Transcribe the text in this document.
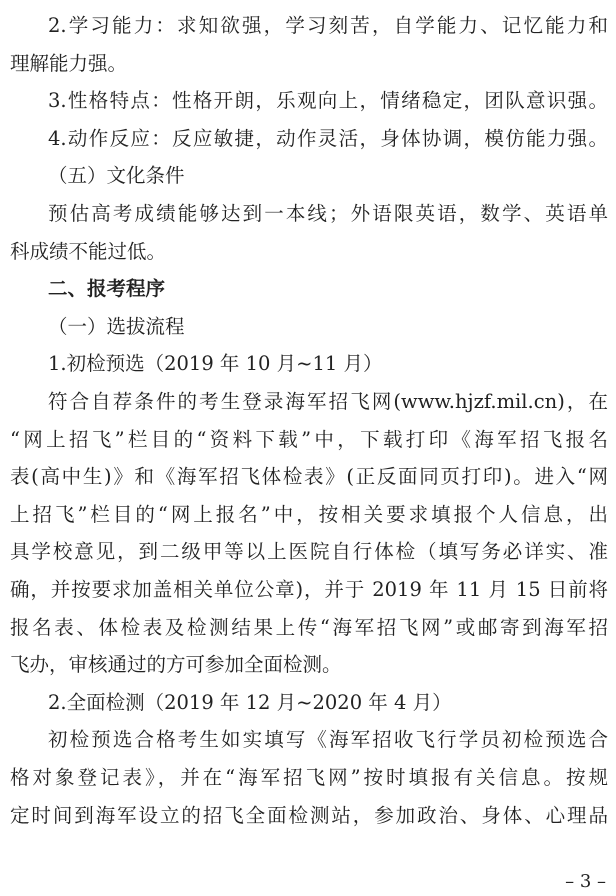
2.学习能力：求知欲强，学习刻苦，自学能力、记忆能力和
理解能力强。
3.性格特点：性格开朗，乐观向上，情绪稳定，团队意识强。
4.动作反应：反应敏捷，动作灵活，身体协调，模仿能力强。
（五）文化条件
预估高考成绩能够达到一本线；外语限英语，数学、英语单
科成绩不能过低。
二、报考程序
（一）选拔流程
1.初检预选（2019 年 10 月~11 月）
符合自荐条件的考生登录海军招飞网(www.hjzf.mil.cn)，在
“网上招飞”栏目的“资料下载”中，下载打印《海军招飞报名
表(高中生)》和《海军招飞体检表》(正反面同页打印)。进入“网
上招飞”栏目的“网上报名”中，按相关要求填报个人信息，出
具学校意见，到二级甲等以上医院自行体检（填写务必详实、准
确，并按要求加盖相关单位公章)，并于 2019 年 11 月 15 日前将
报名表、体检表及检测结果上传“海军招飞网”或邮寄到海军招
飞办，审核通过的方可参加全面检测。
2.全面检测（2019 年 12 月~2020 年 4 月）
初检预选合格考生如实填写《海军招收飞行学员初检预选合
格对象登记表》，并在“海军招飞网”按时填报有关信息。按规
定时间到海军设立的招飞全面检测站，参加政治、身体、心理品
– 3 –
